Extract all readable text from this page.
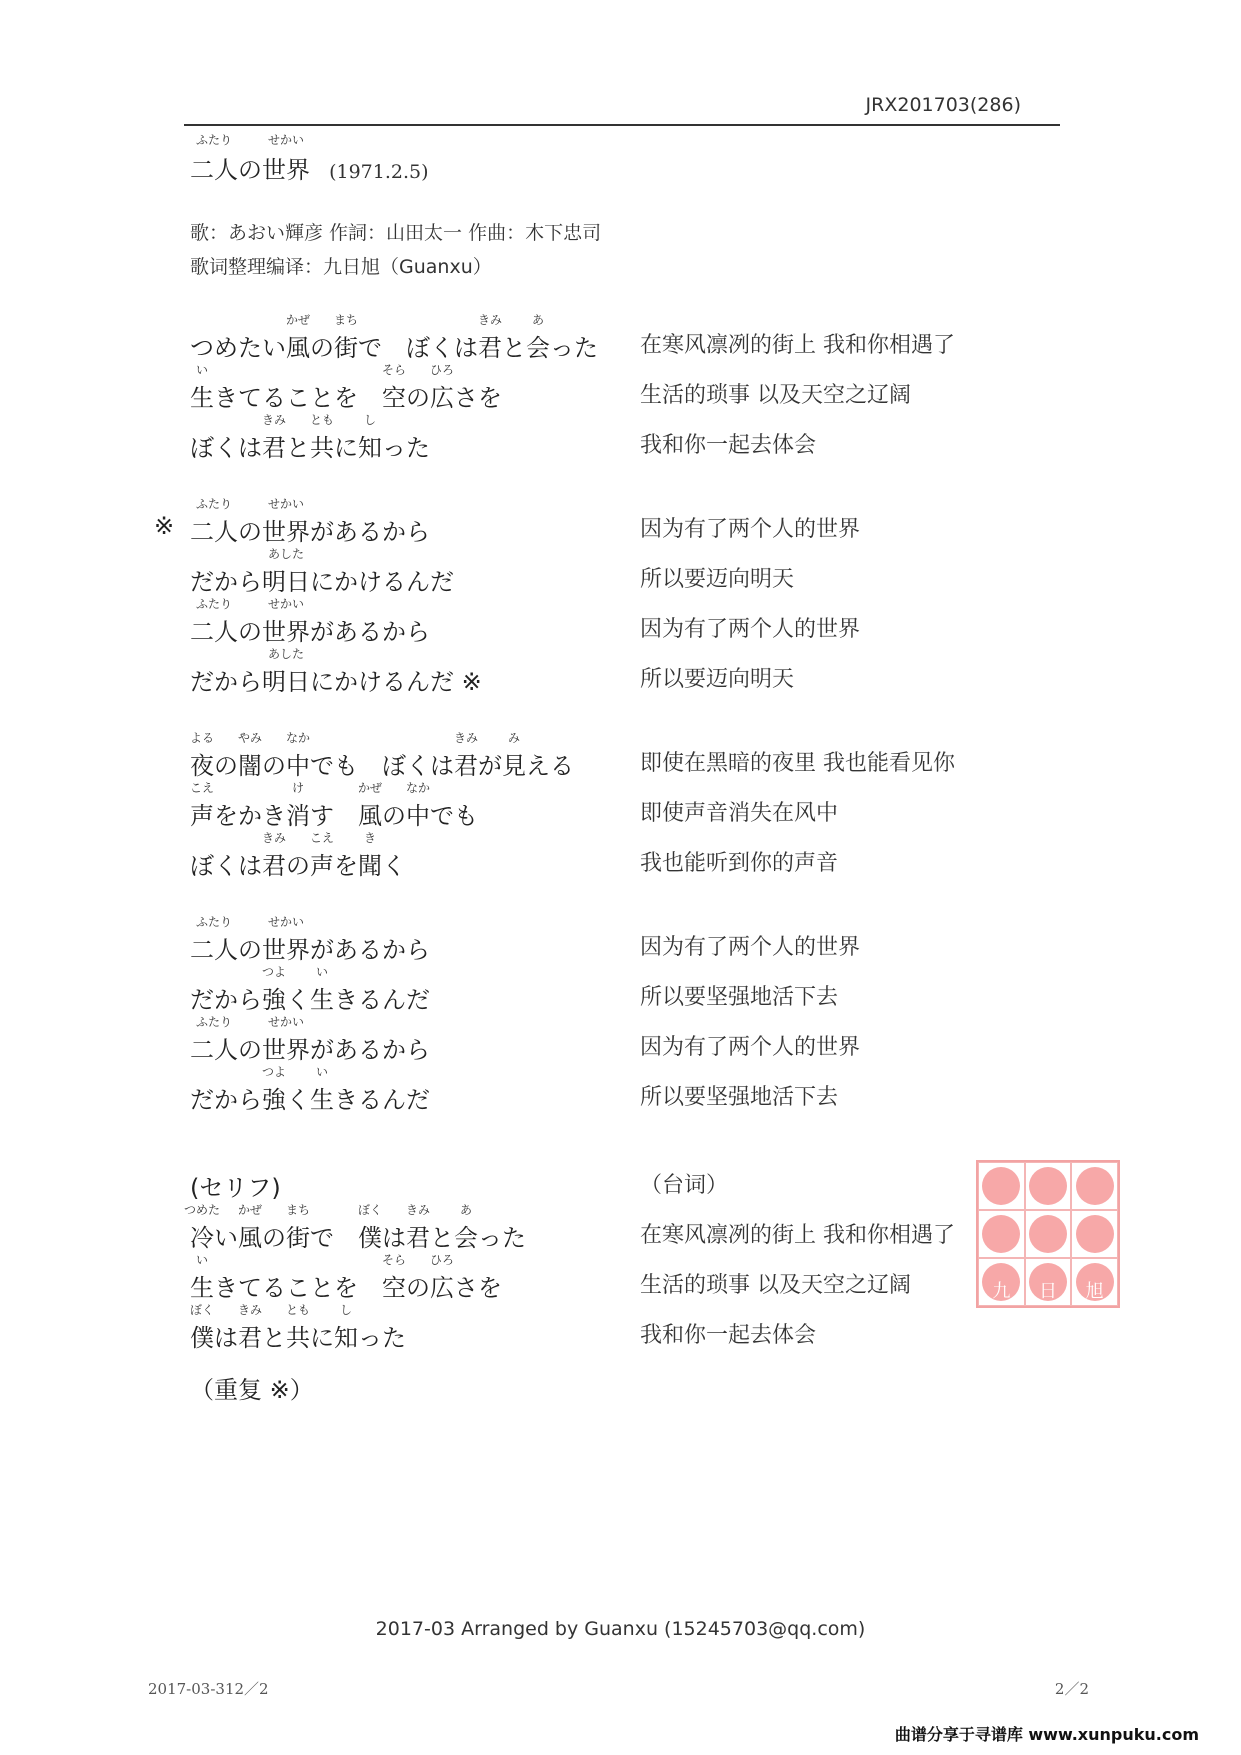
JRX201703(286)
二人
ふたり
の世界
せかい
(1971.2.5)
歌：あおい輝彦 作詞：山田太一 作曲：木下忠司
歌词整理编译：九日旭（Guanxu）
つめたい風
かぜ
の街
まち
で　ぼくは君
きみ
と会
あ
った 在寒风凛冽的街上 我和你相遇了
生
い
きてることを　空
そら
の広
ひろ
さを	生活的琐事 以及天空之辽阔
ぼくは君
きみ
と共
とも
に知
し
った	我和你一起去体会
※ 二人
ふたり
の世界
せかい
があるから	因为有了两个人的世界
だから明日
あした
にかけるんだ	所以要迈向明天
二人
ふたり
の世界
せかい
があるから	因为有了两个人的世界
だから明日
あした
にかけるんだ ※	所以要迈向明天
夜
よる
の闇
やみ
の中
なか
でも　ぼくは君
きみ
が見
み
える	即使在黑暗的夜里 我也能看见你
声
こえ
をかき消
け
す　風
かぜ
の中
なか
でも	即使声音消失在风中
ぼくは君
きみ
の声
こえ
を聞
き
く	我也能听到你的声音
二人
ふたり
の世界
せかい
があるから	因为有了两个人的世界
だから強
つよ
く生
い
きるんだ	所以要坚强地活下去
二人
ふたり
の世界
せかい
があるから	因为有了两个人的世界
だから強
つよ
く生
い
きるんだ	所以要坚强地活下去
(セリフ)	（台词）
冷
つめた
い風
かぜ
の街
まち
で　僕
ぼく
は君
きみ
と会
あ
った	在寒风凛冽的街上 我和你相遇了
生
い
きてることを　空
そら
の広
ひろ
さを	生活的琐事 以及天空之辽阔
僕
ぼく
は君
きみ
と共
とも
に知
し
った	我和你一起去体会
（重复 ※）
九	日	旭
2017-03 Arranged by Guanxu (15245703@qq.com)
2017-03-312／2	2／2
曲谱分享于寻谱库 www.xunpuku.com
